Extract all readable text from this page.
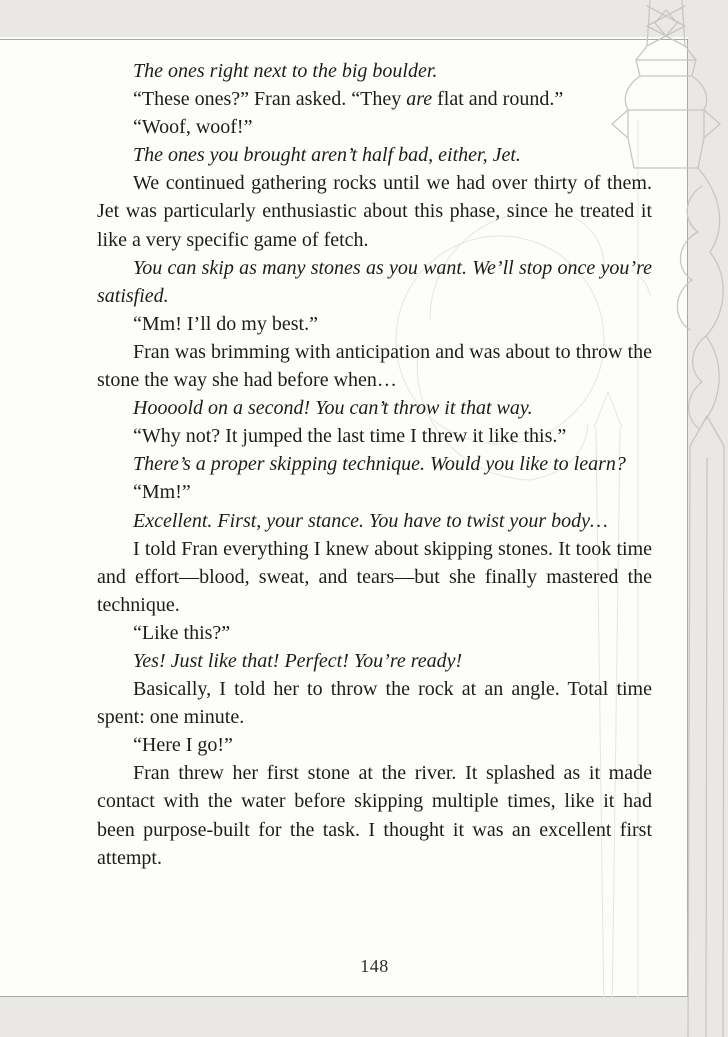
The ones right next to the big boulder.

“These ones?” Fran asked. “They are flat and round.”

“Woof, woof!”

The ones you brought aren’t half bad, either, Jet.

We continued gathering rocks until we had over thirty of them. Jet was particularly enthusiastic about this phase, since he treated it like a very specific game of fetch.

You can skip as many stones as you want. We’ll stop once you’re satisfied.

“Mm! I’ll do my best.”

Fran was brimming with anticipation and was about to throw the stone the way she had before when…

Hoooold on a second! You can’t throw it that way.

“Why not? It jumped the last time I threw it like this.”

There’s a proper skipping technique. Would you like to learn?

“Mm!”

Excellent. First, your stance. You have to twist your body…

I told Fran everything I knew about skipping stones. It took time and effort—blood, sweat, and tears—but she finally mastered the technique.

“Like this?”

Yes! Just like that! Perfect! You’re ready!

Basically, I told her to throw the rock at an angle. Total time spent: one minute.

“Here I go!”

Fran threw her first stone at the river. It splashed as it made contact with the water before skipping multiple times, like it had been purpose-built for the task. I thought it was an excellent first attempt.

148
